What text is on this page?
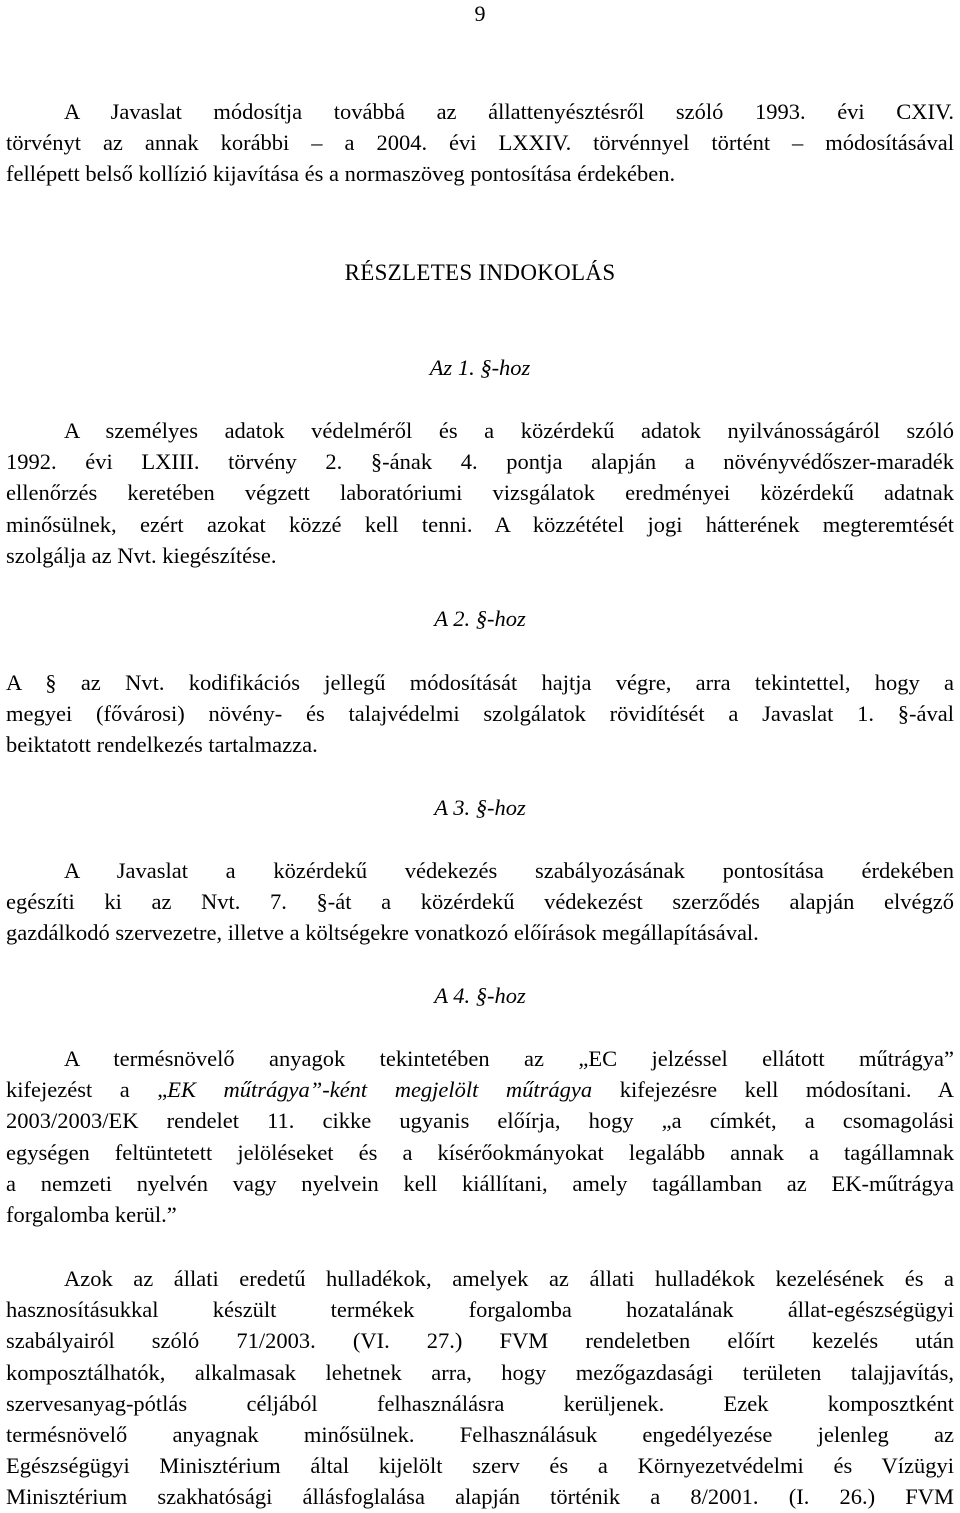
9
A Javaslat módosítja továbbá az állattenyésztésről szóló 1993. évi CXIV.
törvényt az annak korábbi – a 2004. évi LXXIV. törvénnyel történt – módosításával
fellépett belső kollízió kijavítása és a normaszöveg pontosítása érdekében.
RÉSZLETES INDOKOLÁS
Az 1. §-hoz
A személyes adatok védelméről és a közérdekű adatok nyilvánosságáról szóló
1992. évi LXIII. törvény 2. §-ának 4. pontja alapján a növényvédőszer-maradék
ellenőrzés keretében végzett laboratóriumi vizsgálatok eredményei közérdekű adatnak
minősülnek, ezért azokat közzé kell tenni. A közzététel jogi hátterének megteremtését
szolgálja az Nvt. kiegészítése.
A 2. §-hoz
A § az Nvt. kodifikációs jellegű módosítását hajtja végre, arra tekintettel, hogy a
megyei (fővárosi) növény- és talajvédelmi szolgálatok rövidítését a Javaslat 1. §-ával
beiktatott rendelkezés tartalmazza.
A 3. §-hoz
A Javaslat a közérdekű védekezés szabályozásának pontosítása érdekében
egészíti ki az Nvt. 7. §-át a közérdekű védekezést szerződés alapján elvégző
gazdálkodó szervezetre, illetve a költségekre vonatkozó előírások megállapításával.
A 4. §-hoz
A termésnövelő anyagok tekintetében az „EC jelzéssel ellátott műtrágya”
kifejezést a „EK műtrágya”-ként megjelölt műtrágya kifejezésre kell módosítani. A
2003/2003/EK rendelet 11. cikke ugyanis előírja, hogy „a címkét, a csomagolási
egységen feltüntetett jelöléseket és a kísérőokmányokat legalább annak a tagállamnak
a nemzeti nyelvén vagy nyelvein kell kiállítani, amely tagállamban az EK-műtrágya
forgalomba kerül.”
Azok az állati eredetű hulladékok, amelyek az állati hulladékok kezelésének és a
hasznosításukkal készült termékek forgalomba hozatalának állat-egészségügyi
szabályairól szóló 71/2003. (VI. 27.) FVM rendeletben előírt kezelés után
komposztálhatók, alkalmasak lehetnek arra, hogy mezőgazdasági területen talajjavítás,
szervesanyag-pótlás céljából felhasználásra kerüljenek. Ezek komposztként
termésnövelő anyagnak minősülnek. Felhasználásuk engedélyezése jelenleg az
Egészségügyi Minisztérium által kijelölt szerv és a Környezetvédelmi és Vízügyi
Minisztérium szakhatósági állásfoglalása alapján történik a 8/2001. (I. 26.) FVM
